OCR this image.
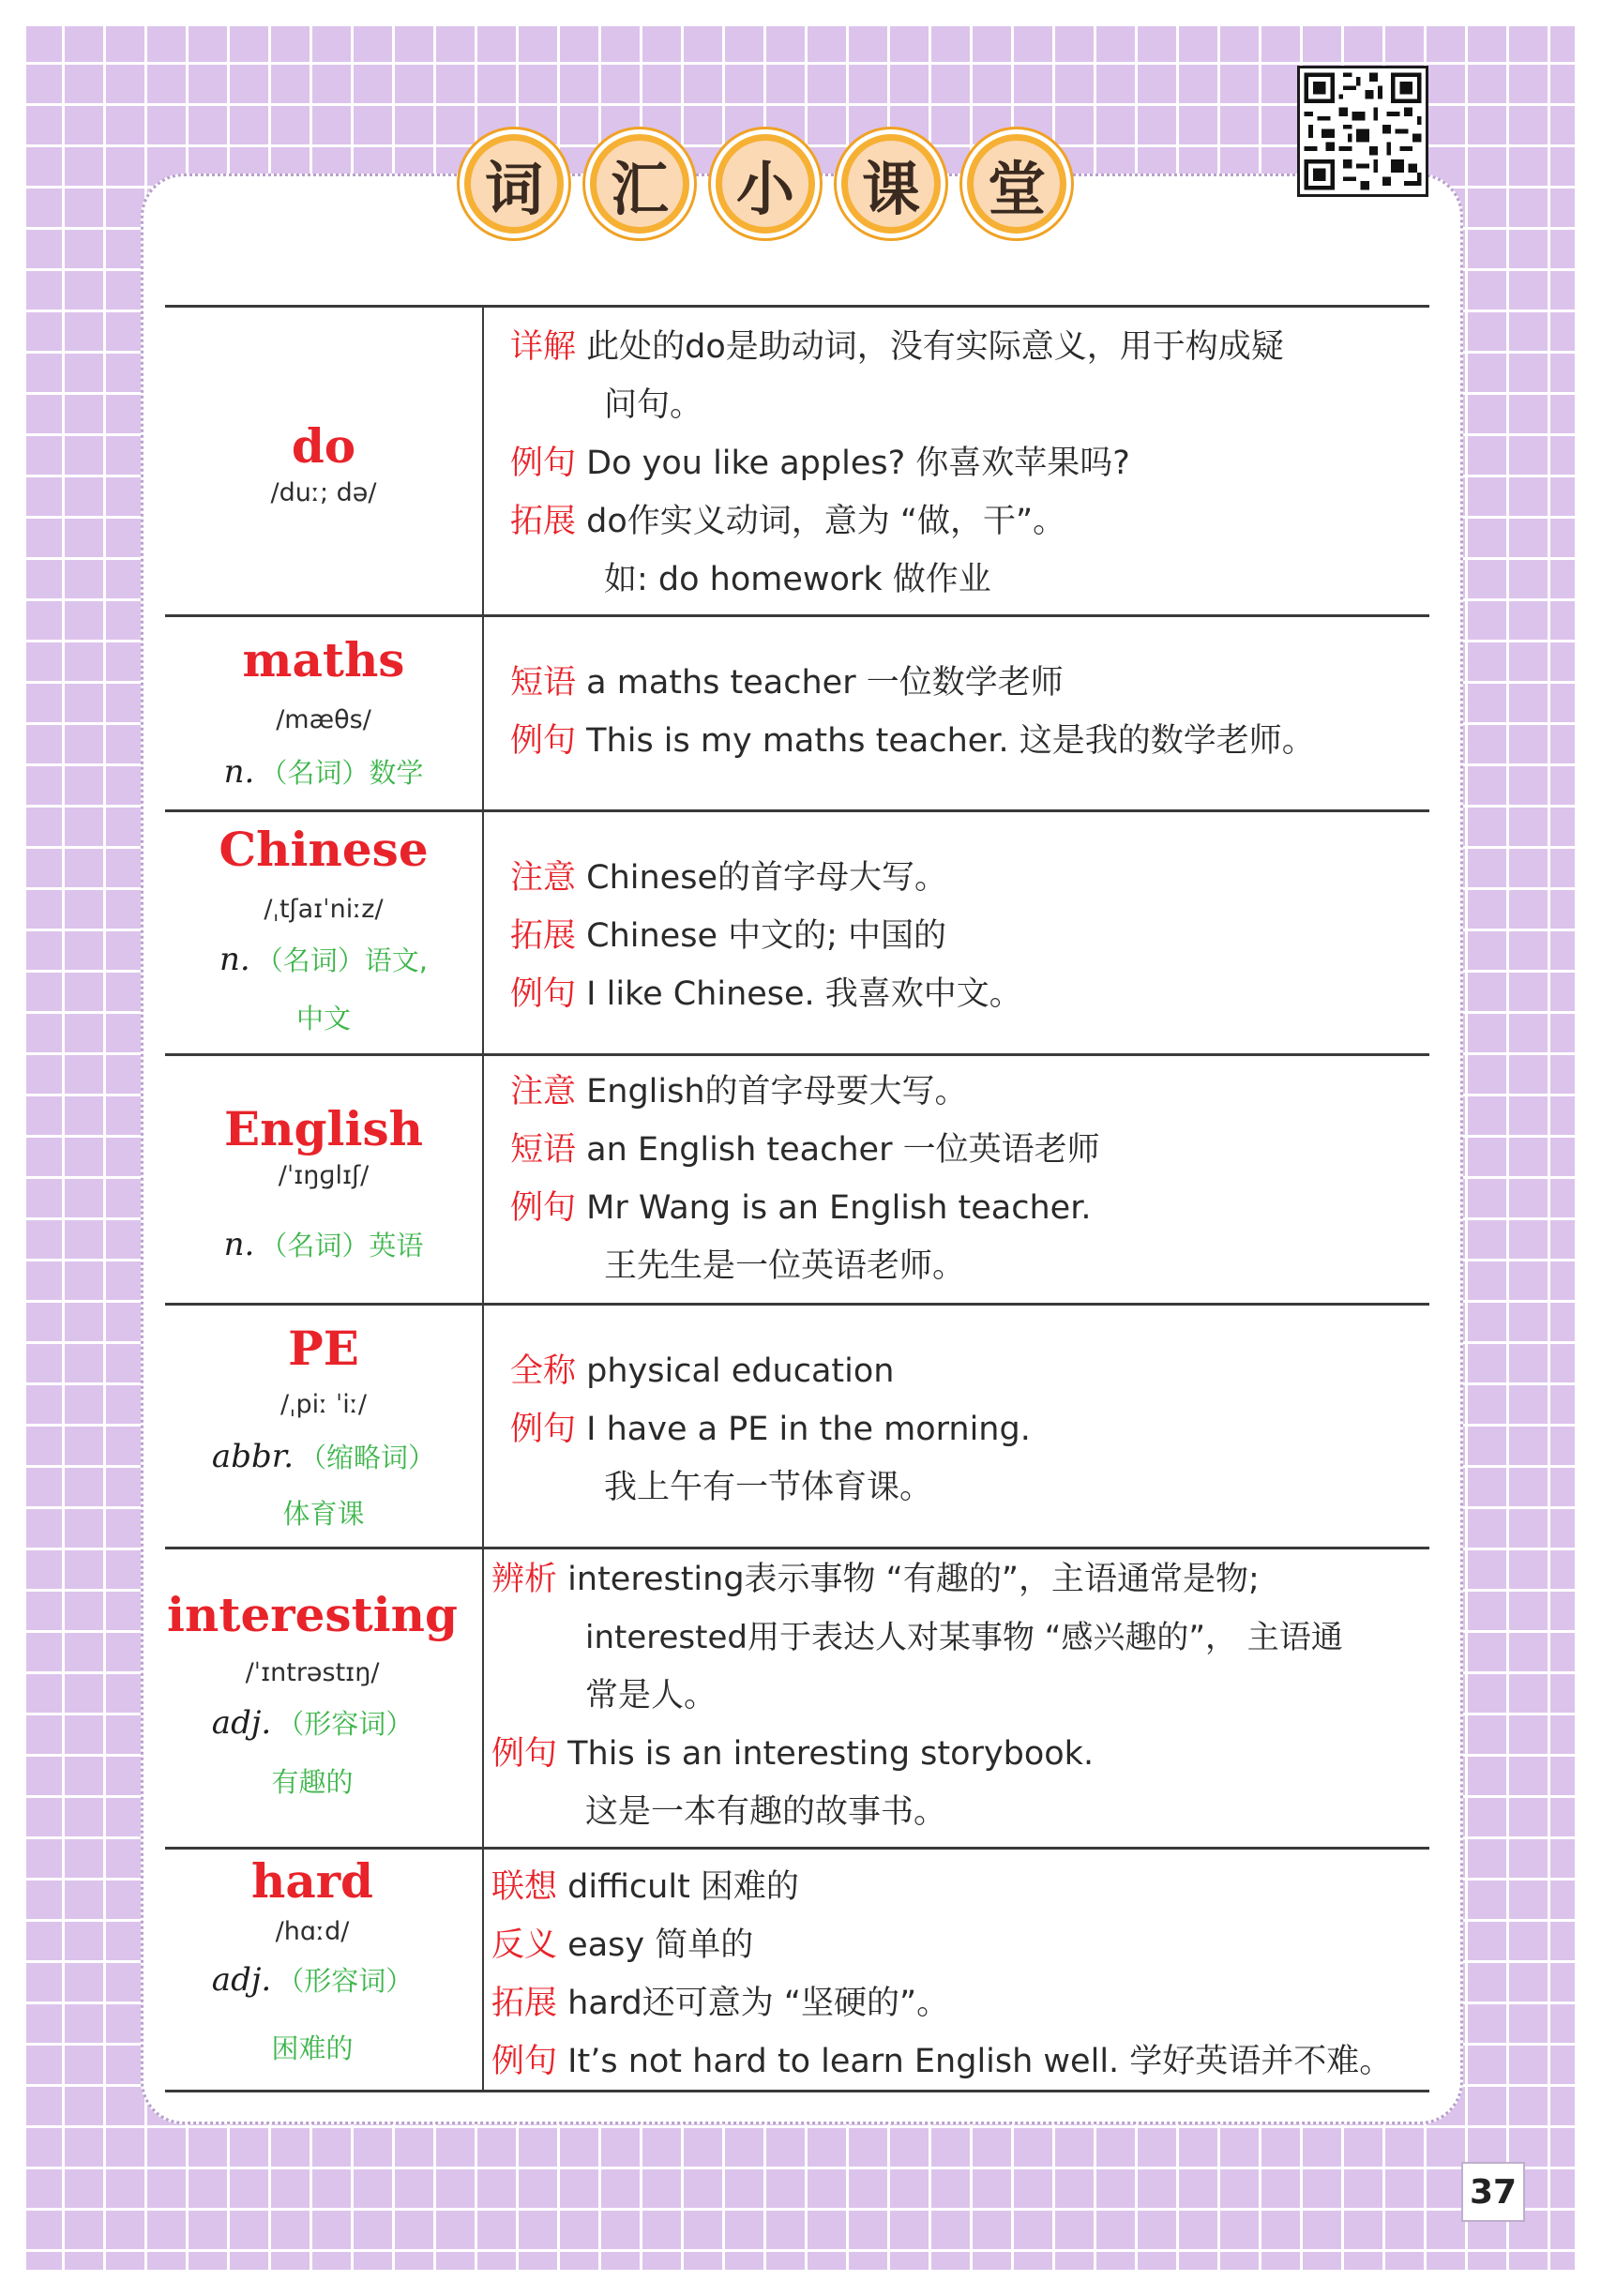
词 汇 小 课 堂
do
/duː; də/
详解 此处的do是助动词，没有实际意义，用于构成疑
问句。
例句 Do you like apples? 你喜欢苹果吗?
拓展 do作实义动词，意为 “做，干”。
如: do homework 做作业
maths
/mæθs/
n. （名词）数学
短语 a maths teacher 一位数学老师
例句 This is my maths teacher. 这是我的数学老师。
Chinese
/ˌtʃaɪˈniːz/
n. （名词）语文,
中文
注意 Chinese的首字母大写。
拓展 Chinese 中文的; 中国的
例句 I like Chinese. 我喜欢中文。
English
/ˈɪŋɡlɪʃ/
n. （名词）英语
注意 English的首字母要大写。
短语 an English teacher 一位英语老师
例句 Mr Wang is an English teacher.
王先生是一位英语老师。
PE
/ˌpiː ˈiː/
abbr. （缩略词）
体育课
全称 physical education
例句 I have a PE in the morning.
我上午有一节体育课。
interesting
/ˈɪntrəstɪŋ/
adj. （形容词）
有趣的
辨析 interesting表示事物 “有趣的”，主语通常是物;
interested用于表达人对某事物 “感兴趣的”， 主语通
常是人。
例句 This is an interesting storybook.
这是一本有趣的故事书。
hard
/hɑːd/
adj. （形容词）
困难的
联想 difficult 困难的
反义 easy 简单的
拓展 hard还可意为 “坚硬的”。
例句 It’s not hard to learn English well. 学好英语并不难。
37
